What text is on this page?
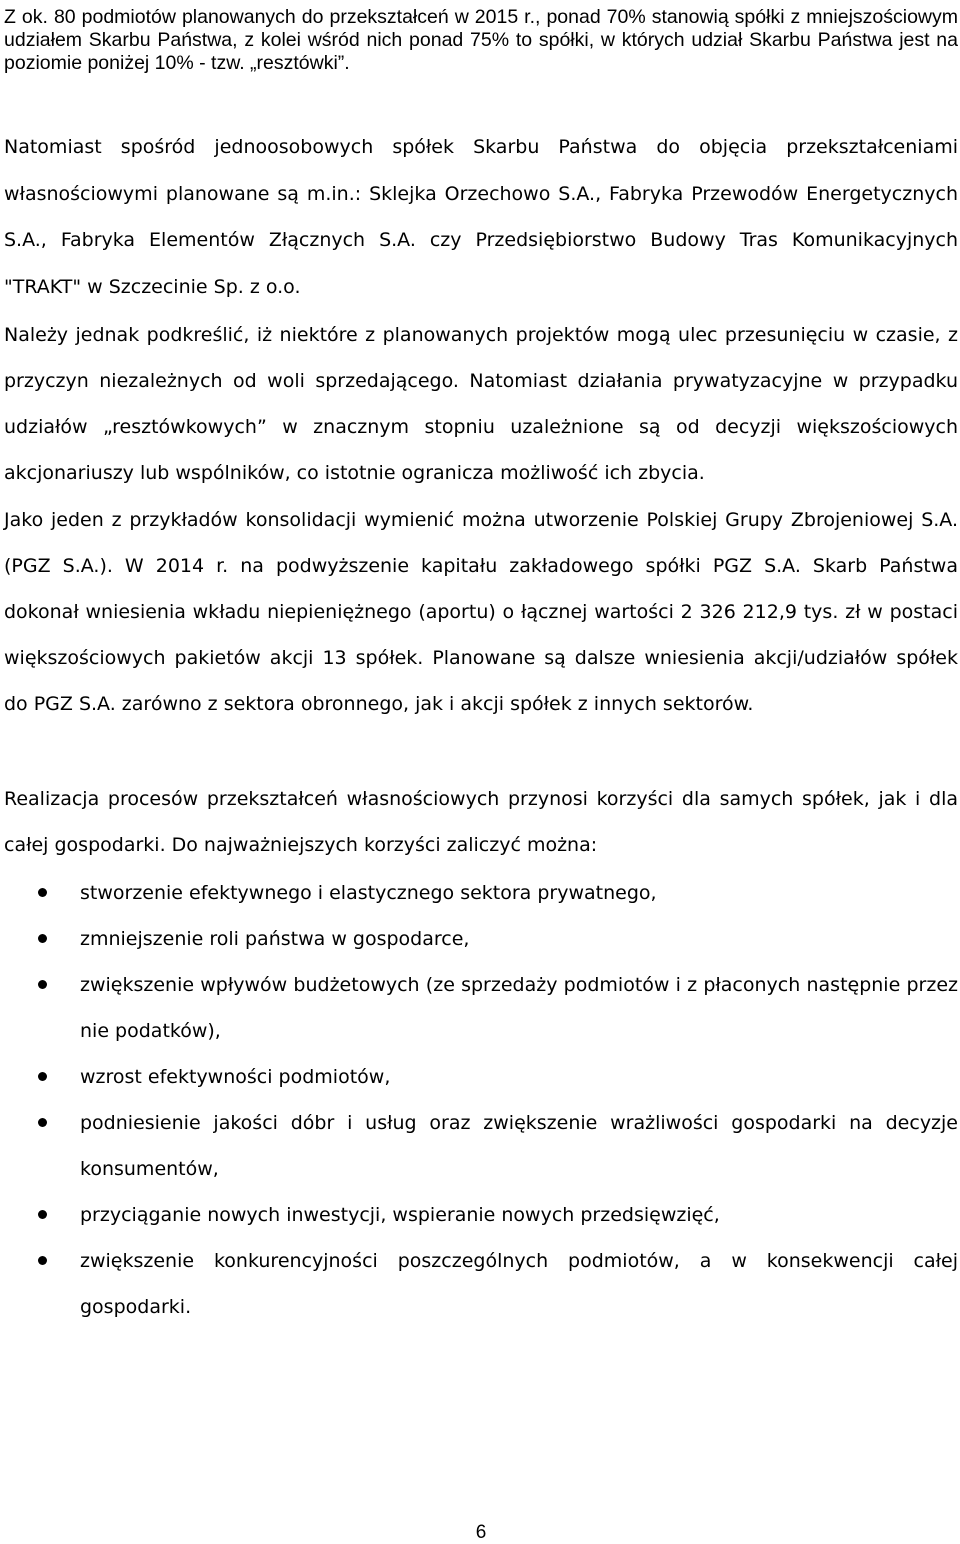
Z ok. 80 podmiotów planowanych do przekształceń w 2015 r., ponad 70% stanowią spółki z mniejszościowym udziałem Skarbu Państwa, z kolei wśród nich ponad 75% to spółki, w których udział Skarbu Państwa jest na poziomie poniżej 10% - tzw. „resztówki”.

Natomiast spośród jednoosobowych spółek Skarbu Państwa do objęcia przekształceniami własnościowymi planowane są m.in.: Sklejka Orzechowo S.A., Fabryka Przewodów Energetycznych S.A., Fabryka Elementów Złącznych S.A. czy Przedsiębiorstwo Budowy Tras Komunikacyjnych "TRAKT" w Szczecinie Sp. z o.o.

Należy jednak podkreślić, iż niektóre z planowanych projektów mogą ulec przesunięciu w czasie, z przyczyn niezależnych od woli sprzedającego. Natomiast działania prywatyzacyjne w przypadku udziałów „resztówkowych” w znacznym stopniu uzależnione są od decyzji większościowych akcjonariuszy lub wspólników, co istotnie ogranicza możliwość ich zbycia.

Jako jeden z przykładów konsolidacji wymienić można utworzenie Polskiej Grupy Zbrojeniowej S.A. (PGZ S.A.). W 2014 r. na podwyższenie kapitału zakładowego spółki PGZ S.A. Skarb Państwa dokonał wniesienia wkładu niepieniężnego (aportu) o łącznej wartości 2 326 212,9 tys. zł w postaci większościowych pakietów akcji 13 spółek. Planowane są dalsze wniesienia akcji/udziałów spółek do PGZ S.A. zarówno z sektora obronnego, jak i akcji spółek z innych sektorów.

Realizacja procesów przekształceń własnościowych przynosi korzyści dla samych spółek, jak i dla całej gospodarki. Do najważniejszych korzyści zaliczyć można:

stworzenie efektywnego i elastycznego sektora prywatnego,
zmniejszenie roli państwa w gospodarce,
zwiększenie wpływów budżetowych (ze sprzedaży podmiotów i z płaconych następnie przez nie podatków),
wzrost efektywności podmiotów,
podniesienie jakości dóbr i usług oraz zwiększenie wrażliwości gospodarki na decyzje konsumentów,
przyciąganie nowych inwestycji, wspieranie nowych przedsięwzięć,
zwiększenie konkurencyjności poszczególnych podmiotów, a w konsekwencji całej gospodarki.
6
